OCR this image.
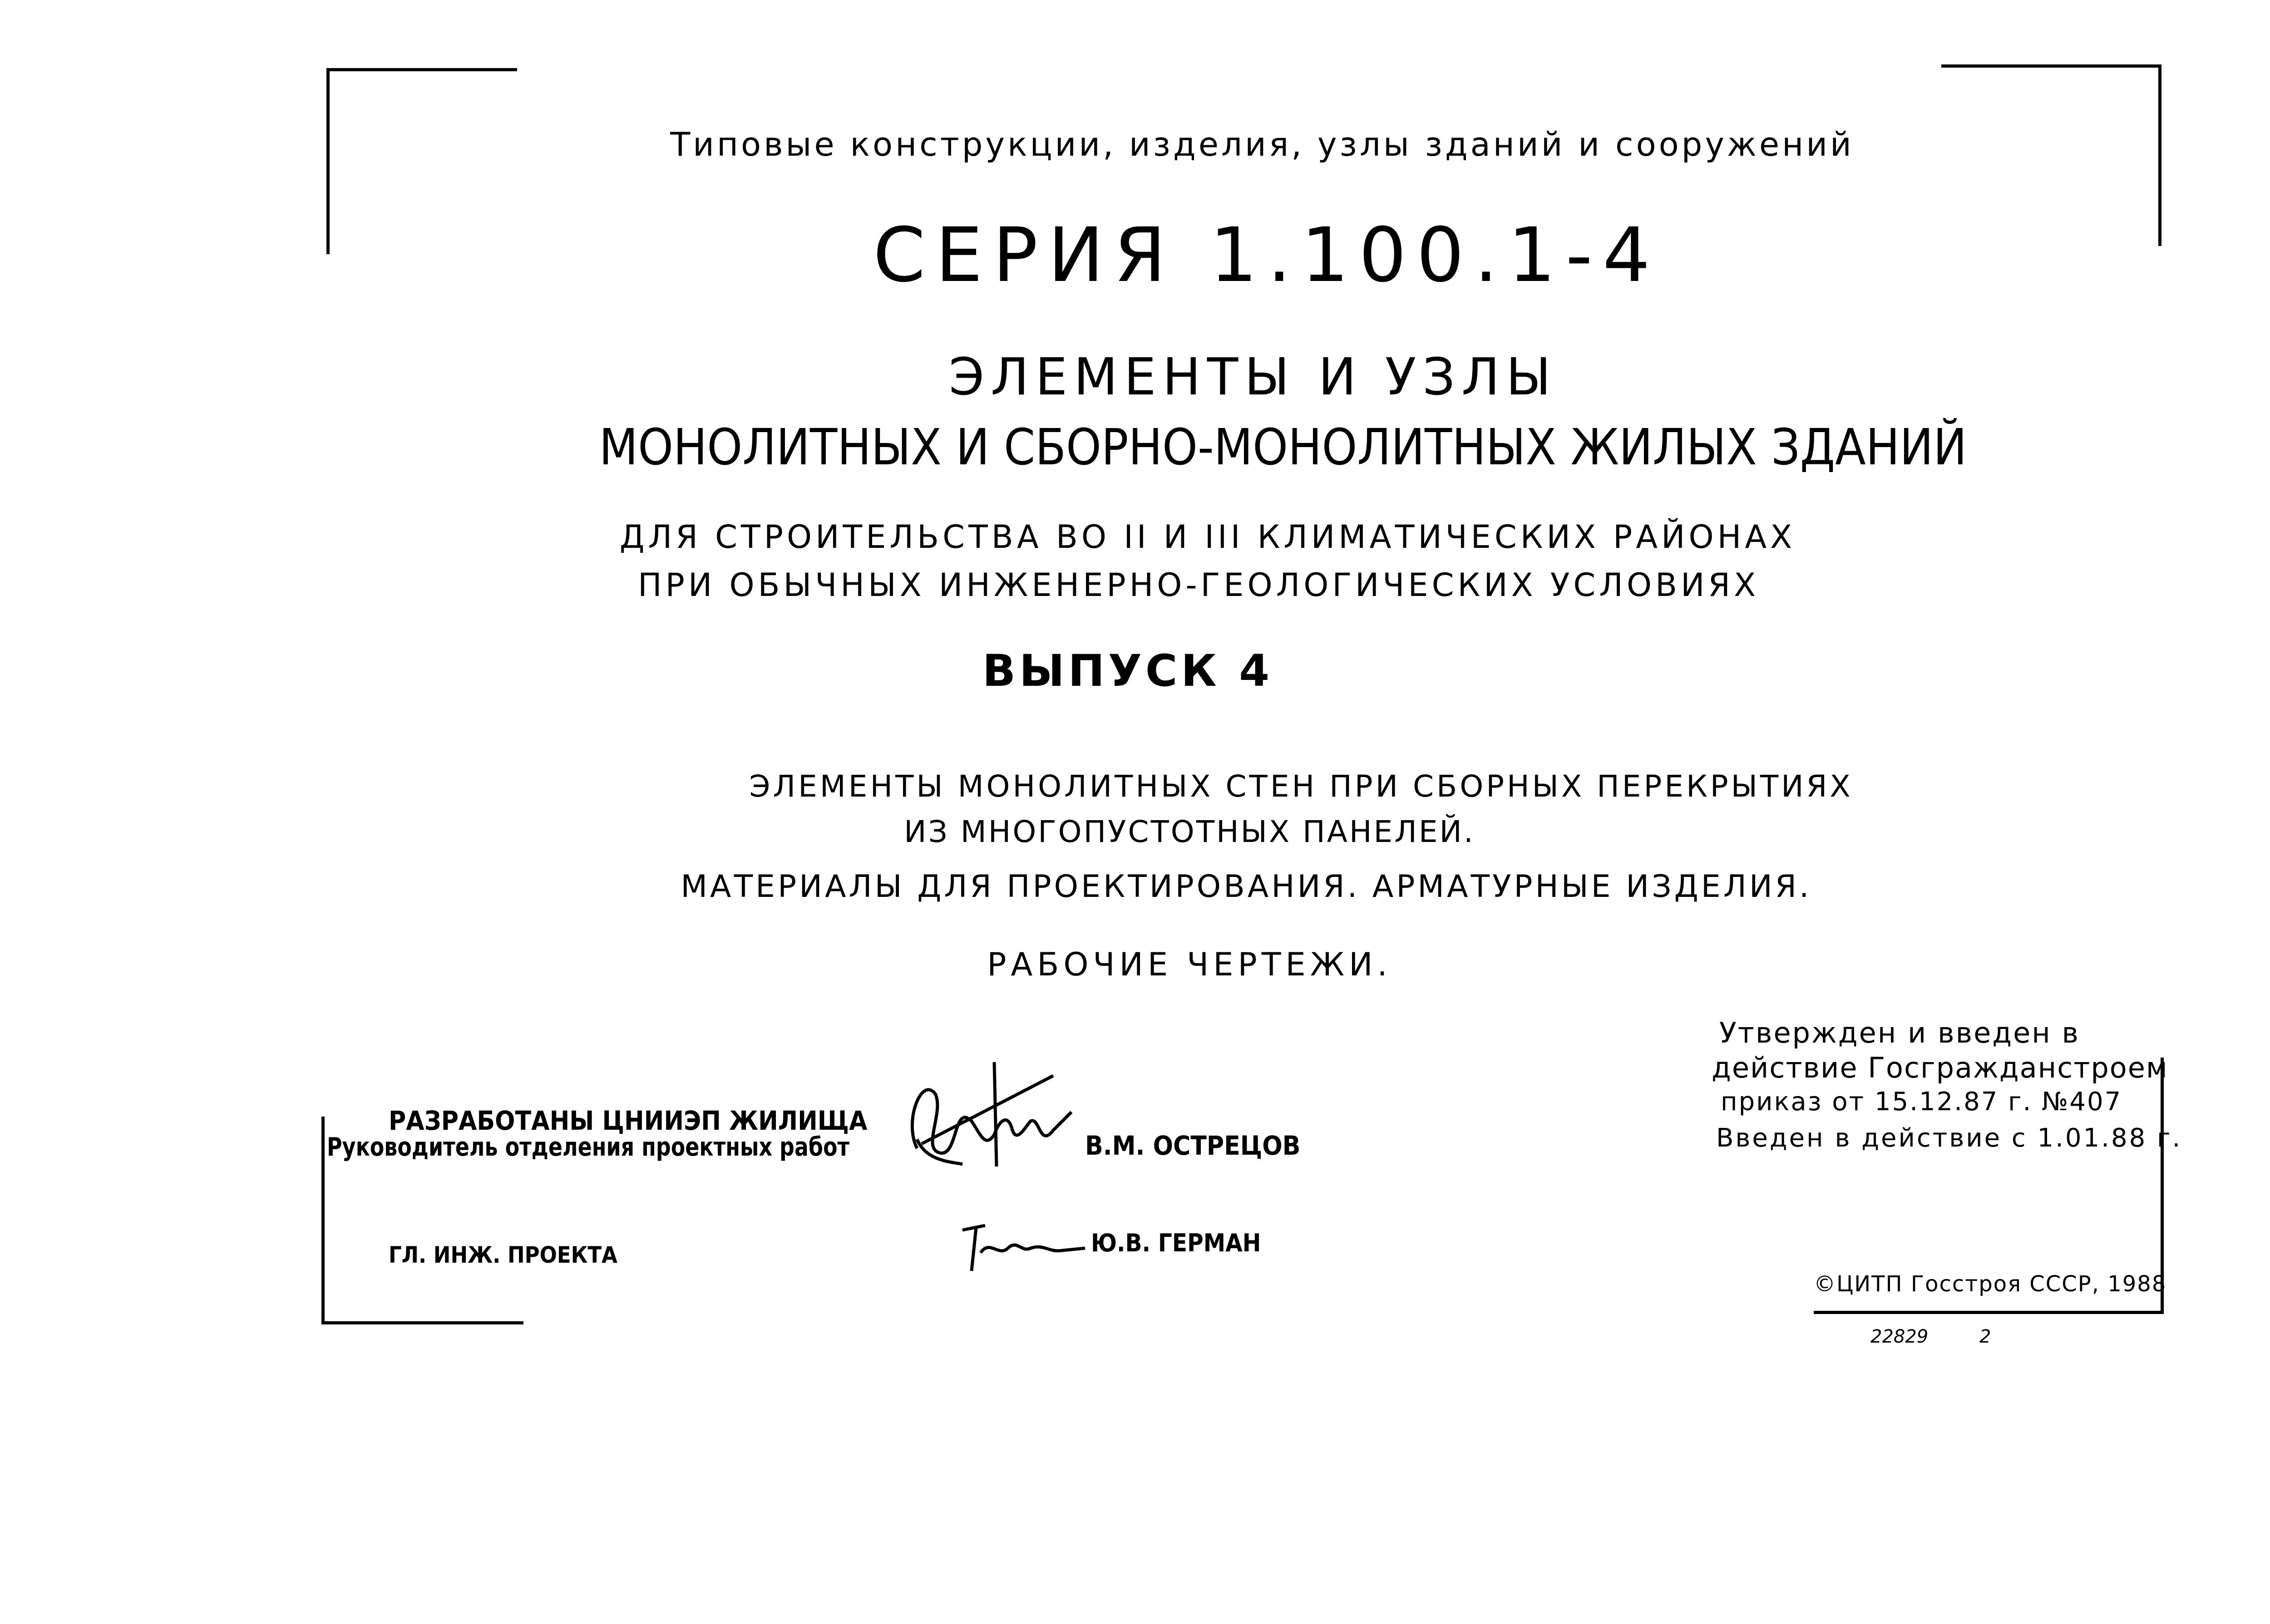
Типовые конструкции, изделия, узлы зданий и сооружений
СЕРИЯ 1.100.1-4
ЭЛЕМЕНТЫ И УЗЛЫ
МОНОЛИТНЫХ И СБОРНО-МОНОЛИТНЫХ ЖИЛЫХ ЗДАНИЙ
ДЛЯ СТРОИТЕЛЬСТВА ВО II И III КЛИМАТИЧЕСКИХ РАЙОНАХ
ПРИ ОБЫЧНЫХ ИНЖЕНЕРНО-ГЕОЛОГИЧЕСКИХ УСЛОВИЯХ
ВЫПУСК 4
ЭЛЕМЕНТЫ МОНОЛИТНЫХ СТЕН ПРИ СБОРНЫХ ПЕРЕКРЫТИЯХ
ИЗ МНОГОПУСТОТНЫХ ПАНЕЛЕЙ.
МАТЕРИАЛЫ ДЛЯ ПРОЕКТИРОВАНИЯ. АРМАТУРНЫЕ ИЗДЕЛИЯ.
РАБОЧИЕ ЧЕРТЕЖИ.
Утвержден и введен в
действие Госгражданстроем
приказ от 15.12.87 г. №407
Введен в действие с 1.01.88 г.
РАЗРАБОТАНЫ ЦНИИЭП ЖИЛИЩА
Руководитель отделения проектных работ	В.М. ОСТРЕЦОВ
ГЛ. ИНЖ. ПРОЕКТА	Ю.В. ГЕРМАН
©ЦИТП Госстроя СССР, 1988
22829	2
